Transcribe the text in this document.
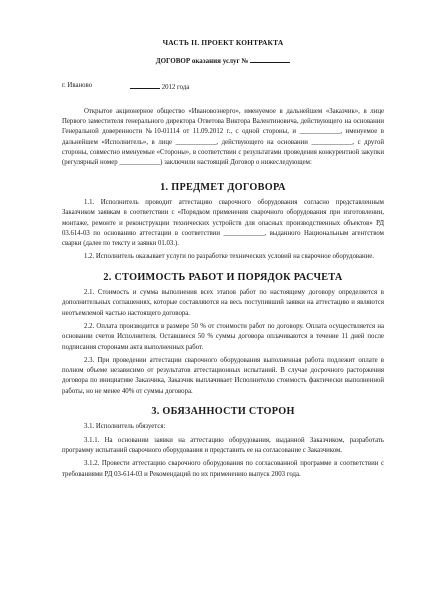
ЧАСТЬ II. ПРОЕКТ КОНТРАКТА
ДОГОВОР оказания услуг №
г. Иваново	2012 года

Открытое акционерное общество «Ивановоэнерго», именуемое в дальнейшем «Заказчик», в лице Первого заместителя генерального директора Ответова Виктора Валентиновича, действующего на основании Генеральной доверенности №10-01114 от 11.09.2012 г., с одной стороны, и ____________, именуемое в дальнейшем «Исполнитель», в лице ____________, действующего на основании ____________, с другой стороны, совместно именуемые «Стороны», в соответствии с результатами проведения конкурентной закупки (регулярный номер ____________) заключили настоящий Договор о нижеследующем:

1. ПРЕДМЕТ ДОГОВОРА

1.1. Исполнитель проводит аттестацию сварочного оборудования согласно представленным Заказчиком заявкам в соответствии с «Порядком применения сварочного оборудования при изготовлении, монтаже, ремонте и реконструкции технических устройств для опасных производственных объектов» РД 03.614-03 по основанию аттестации в соответствии ____________, выданного Национальным агентством сварки (далее по тексту и заявки 01.03.).

1.2. Исполнитель оказывает услуги по разработке технических условий на сварочное оборудование.

2. СТОИМОСТЬ РАБОТ И ПОРЯДОК РАСЧЕТА

2.1. Стоимость и сумма выполнения всех этапов работ по настоящему договору определяется в дополнительных соглашениях, которые составляются на весь поступивший заявки на аттестацию и являются неотъемлемой частью настоящего договора.

2.2. Оплата производится в размере 50 % от стоимости работ по договору. Оплата осуществляется на основании счетов Исполнителя. Оставшиеся 50 % суммы договора оплачиваются в течение 11 дней после подписания сторонами акта выполненных работ.

2.3. При проведении аттестации сварочного оборудования выполненная работа подлежит оплате в полном объеме независимо от результатов аттестационных испытаний. В случае досрочного расторжения договора по инициативе Заказчика, Заказчик выплачивает Исполнителю стоимость фактически выполненной работы, но не менее 40% от суммы договора.

3. ОБЯЗАННОСТИ СТОРОН

3.1. Исполнитель обязуется:

3.1.1. На основании заявки на аттестацию оборудования, выданной Заказчиком, разработать программу испытаний сварочного оборудования и представить ее на согласование с Заказчиком.

3.1.2. Провести аттестацию сварочного оборудования по согласованной программе в соответствии с требованиями РД 03-614-03 и Рекомендаций по их применению выпуск 2003 года.
